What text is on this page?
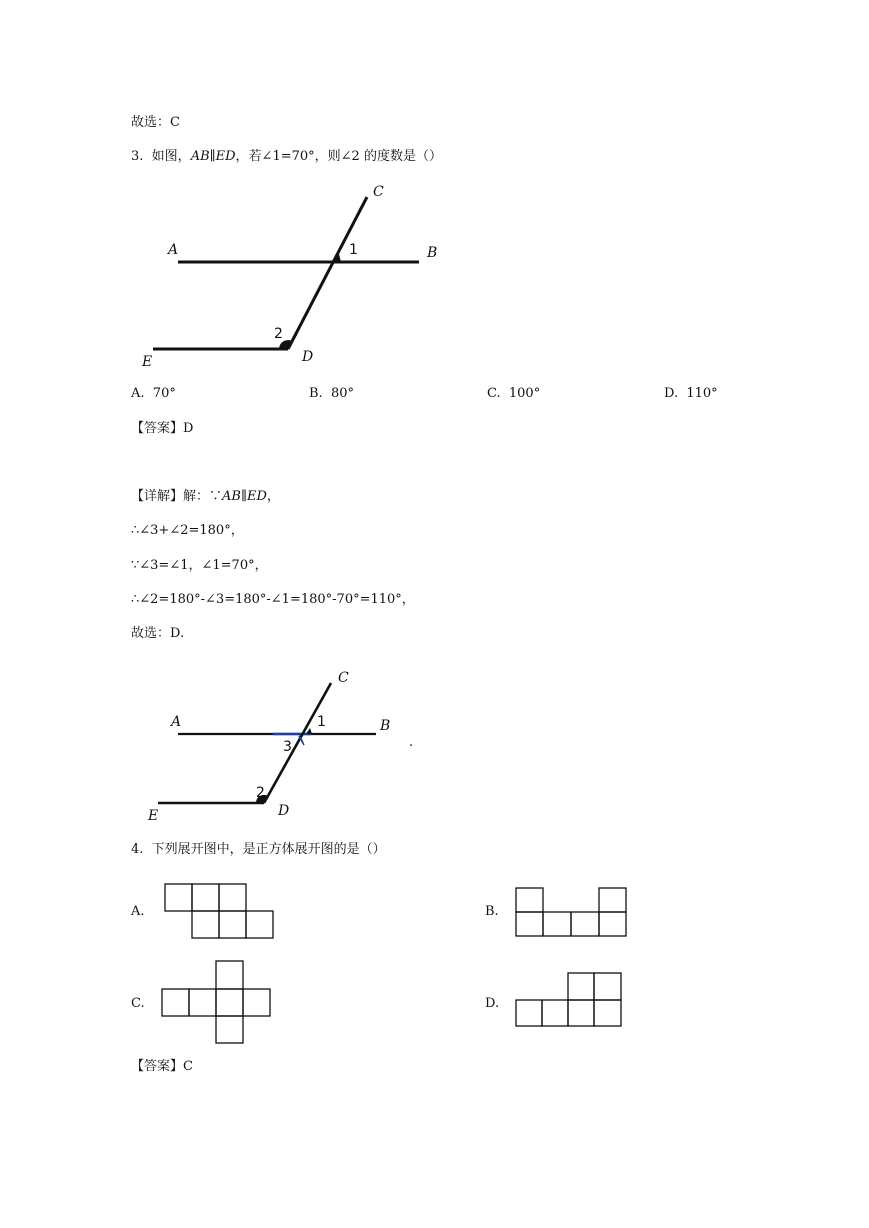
故选：C
3. 如图，AB∥ED，若∠1=70°，则∠2 的度数是（）
A	B
C
D
E
1
2
A. 70°	B. 80°	C. 100°	D. 110°
【答案】D
【详解】解：∵AB∥ED，
∴∠3+∠2=180°，
∵∠3=∠1，∠1=70°，
∴∠2=180°-∠3=180°-∠1=180°-70°=110°，
故选：D.
A	B
C
D
E
1
2
3	.
4. 下列展开图中，是正方体展开图的是（）
A.	B.
C.	D.
【答案】C
